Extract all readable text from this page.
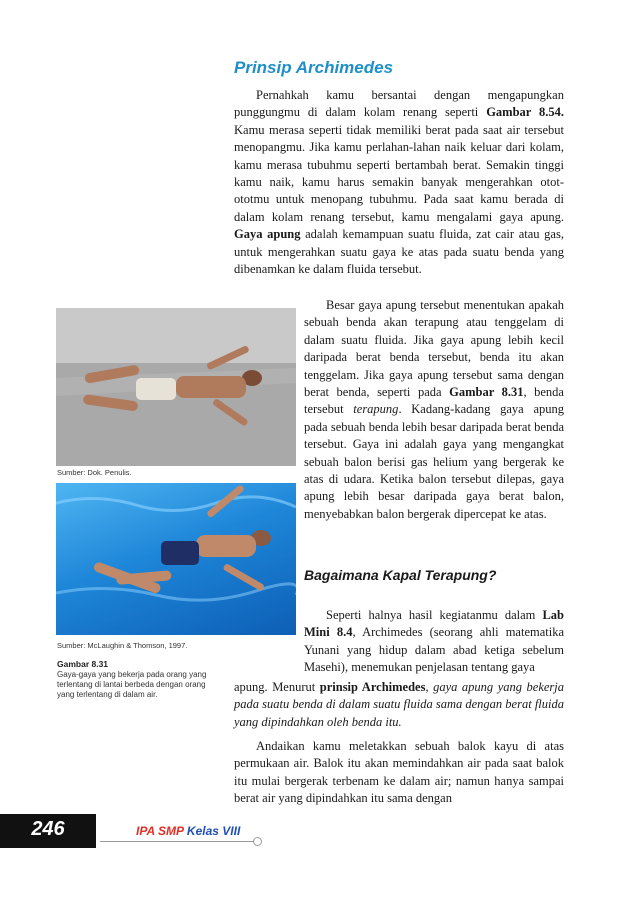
Prinsip Archimedes

Pernahkah kamu bersantai dengan mengapungkan punggungmu di dalam kolam renang seperti Gambar 8.54. Kamu merasa seperti tidak memiliki berat pada saat air tersebut menopangmu. Jika kamu perlahan-lahan naik keluar dari kolam, kamu merasa tubuhmu seperti bertambah berat. Semakin tinggi kamu naik, kamu harus semakin banyak mengerahkan otot-ototmu untuk menopang tubuhmu. Pada saat kamu berada di dalam kolam renang tersebut, kamu mengalami gaya apung. Gaya apung adalah kemampuan suatu fluida, zat cair atau gas, untuk mengerahkan suatu gaya ke atas pada suatu benda yang dibenamkan ke dalam fluida tersebut.

Besar gaya apung tersebut menentukan apakah sebuah benda akan terapung atau tenggelam di dalam suatu fluida. Jika gaya apung lebih kecil daripada berat benda tersebut, benda itu akan tenggelam. Jika gaya apung tersebut sama dengan berat benda, seperti pada Gambar 8.31, benda tersebut terapung. Kadang-kadang gaya apung pada sebuah benda lebih besar daripada berat benda tersebut. Gaya ini adalah gaya yang mengangkat sebuah balon berisi gas helium yang bergerak ke atas di udara. Ketika balon tersebut dilepas, gaya apung lebih besar daripada gaya berat balon, menyebabkan balon bergerak dipercepat ke atas.

Bagaimana Kapal Terapung?

Seperti halnya hasil kegiatanmu dalam Lab Mini 8.4, Archimedes (seorang ahli matematika Yunani yang hidup dalam abad ketiga sebelum Masehi), menemukan penjelasan tentang gaya

apung. Menurut prinsip Archimedes, gaya apung yang bekerja pada suatu benda di dalam suatu fluida sama dengan berat fluida yang dipindahkan oleh benda itu.

Andaikan kamu meletakkan sebuah balok kayu di atas permukaan air. Balok itu akan memindahkan air pada saat balok itu mulai bergerak terbenam ke dalam air; namun hanya sampai berat air yang dipindahkan itu sama dengan

Sumber: Dok. Penulis.
Sumber: McLaughin & Thomson, 1997.
Gambar 8.31
Gaya-gaya yang bekerja pada orang yang terlentang di lantai berbeda dengan orang yang terlentang di dalam air.
246	IPA SMP Kelas VIII
